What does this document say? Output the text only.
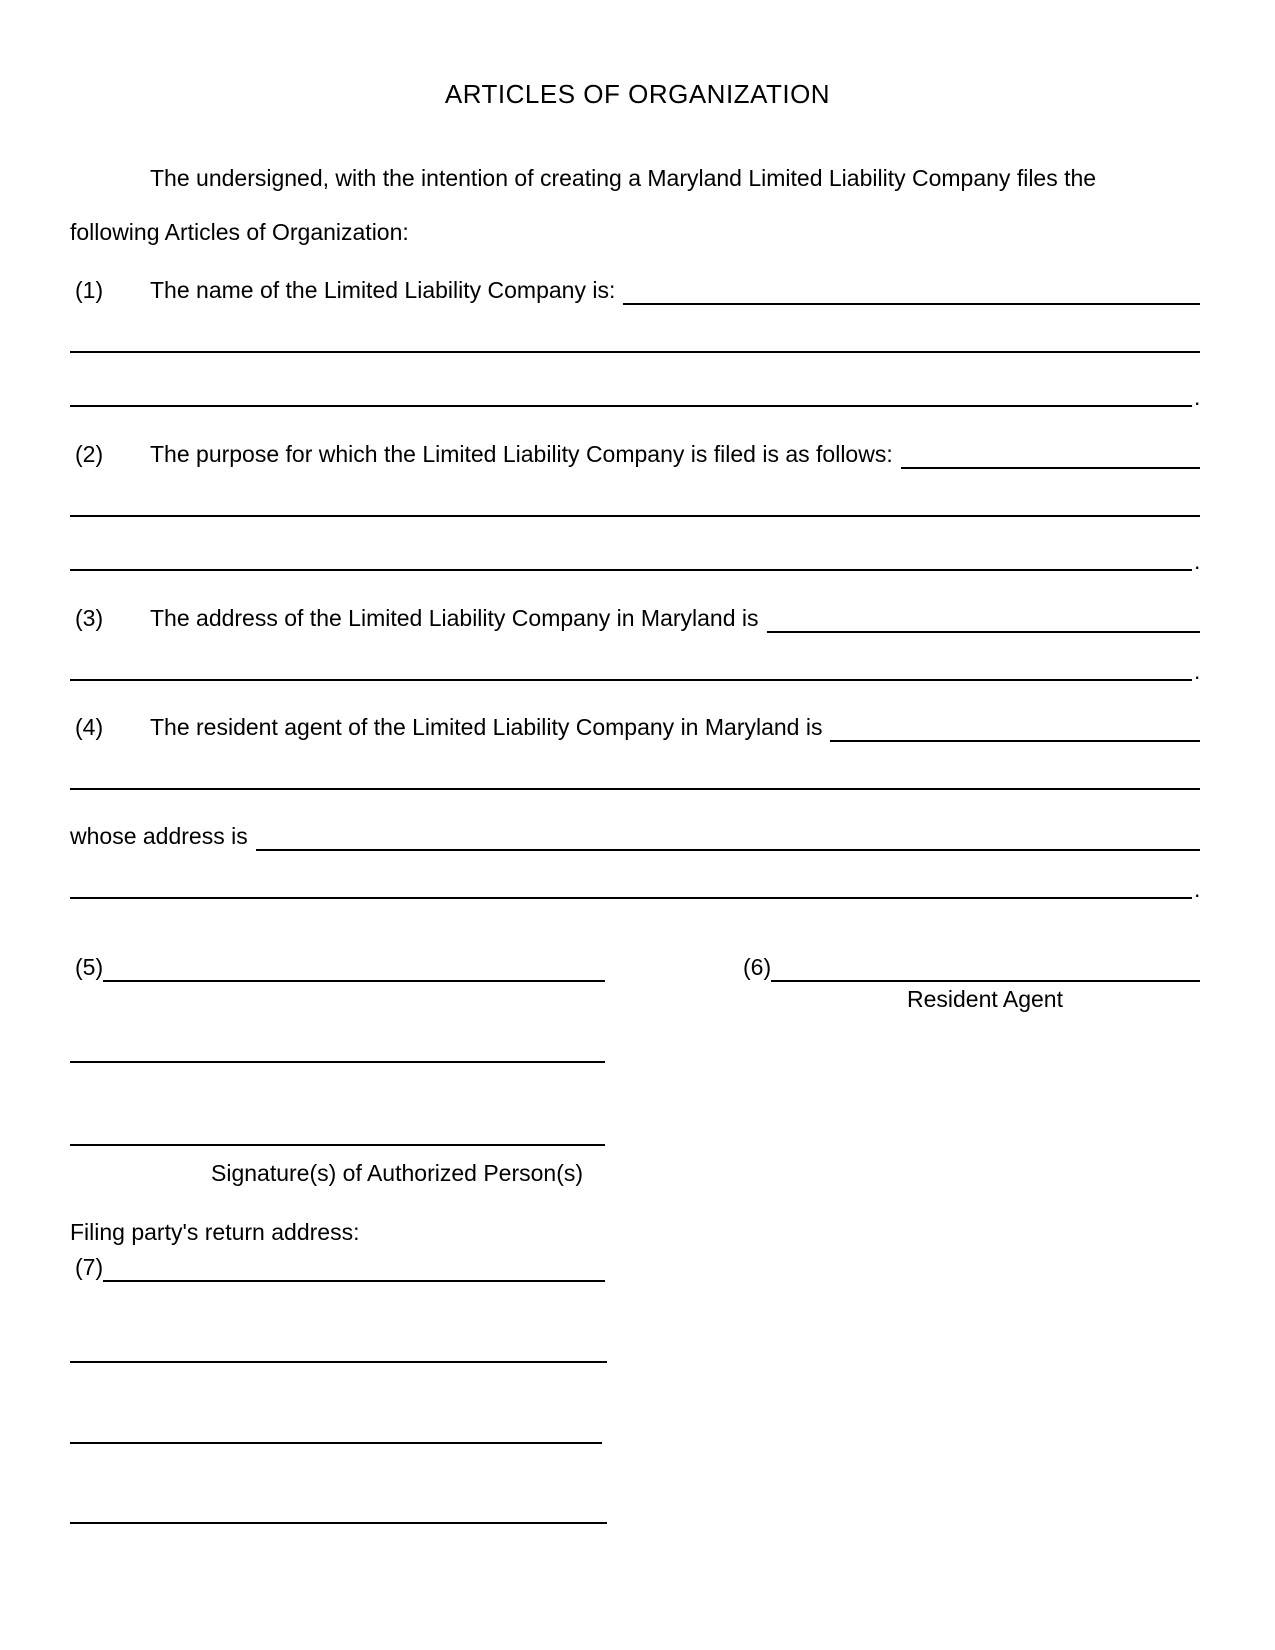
ARTICLES OF ORGANIZATION
The undersigned, with the intention of creating a Maryland Limited Liability Company files the
following Articles of Organization:
(1)	The name of the Limited Liability Company is:
.
(2)	The purpose for which the Limited Liability Company is filed is as follows:
.
(3)	The address of the Limited Liability Company in Maryland is
.
(4)	The resident agent of the Limited Liability Company in Maryland is
whose address is
.
(5)	(6)
Resident Agent
Signature(s) of Authorized Person(s)
Filing party's return address:
(7)
